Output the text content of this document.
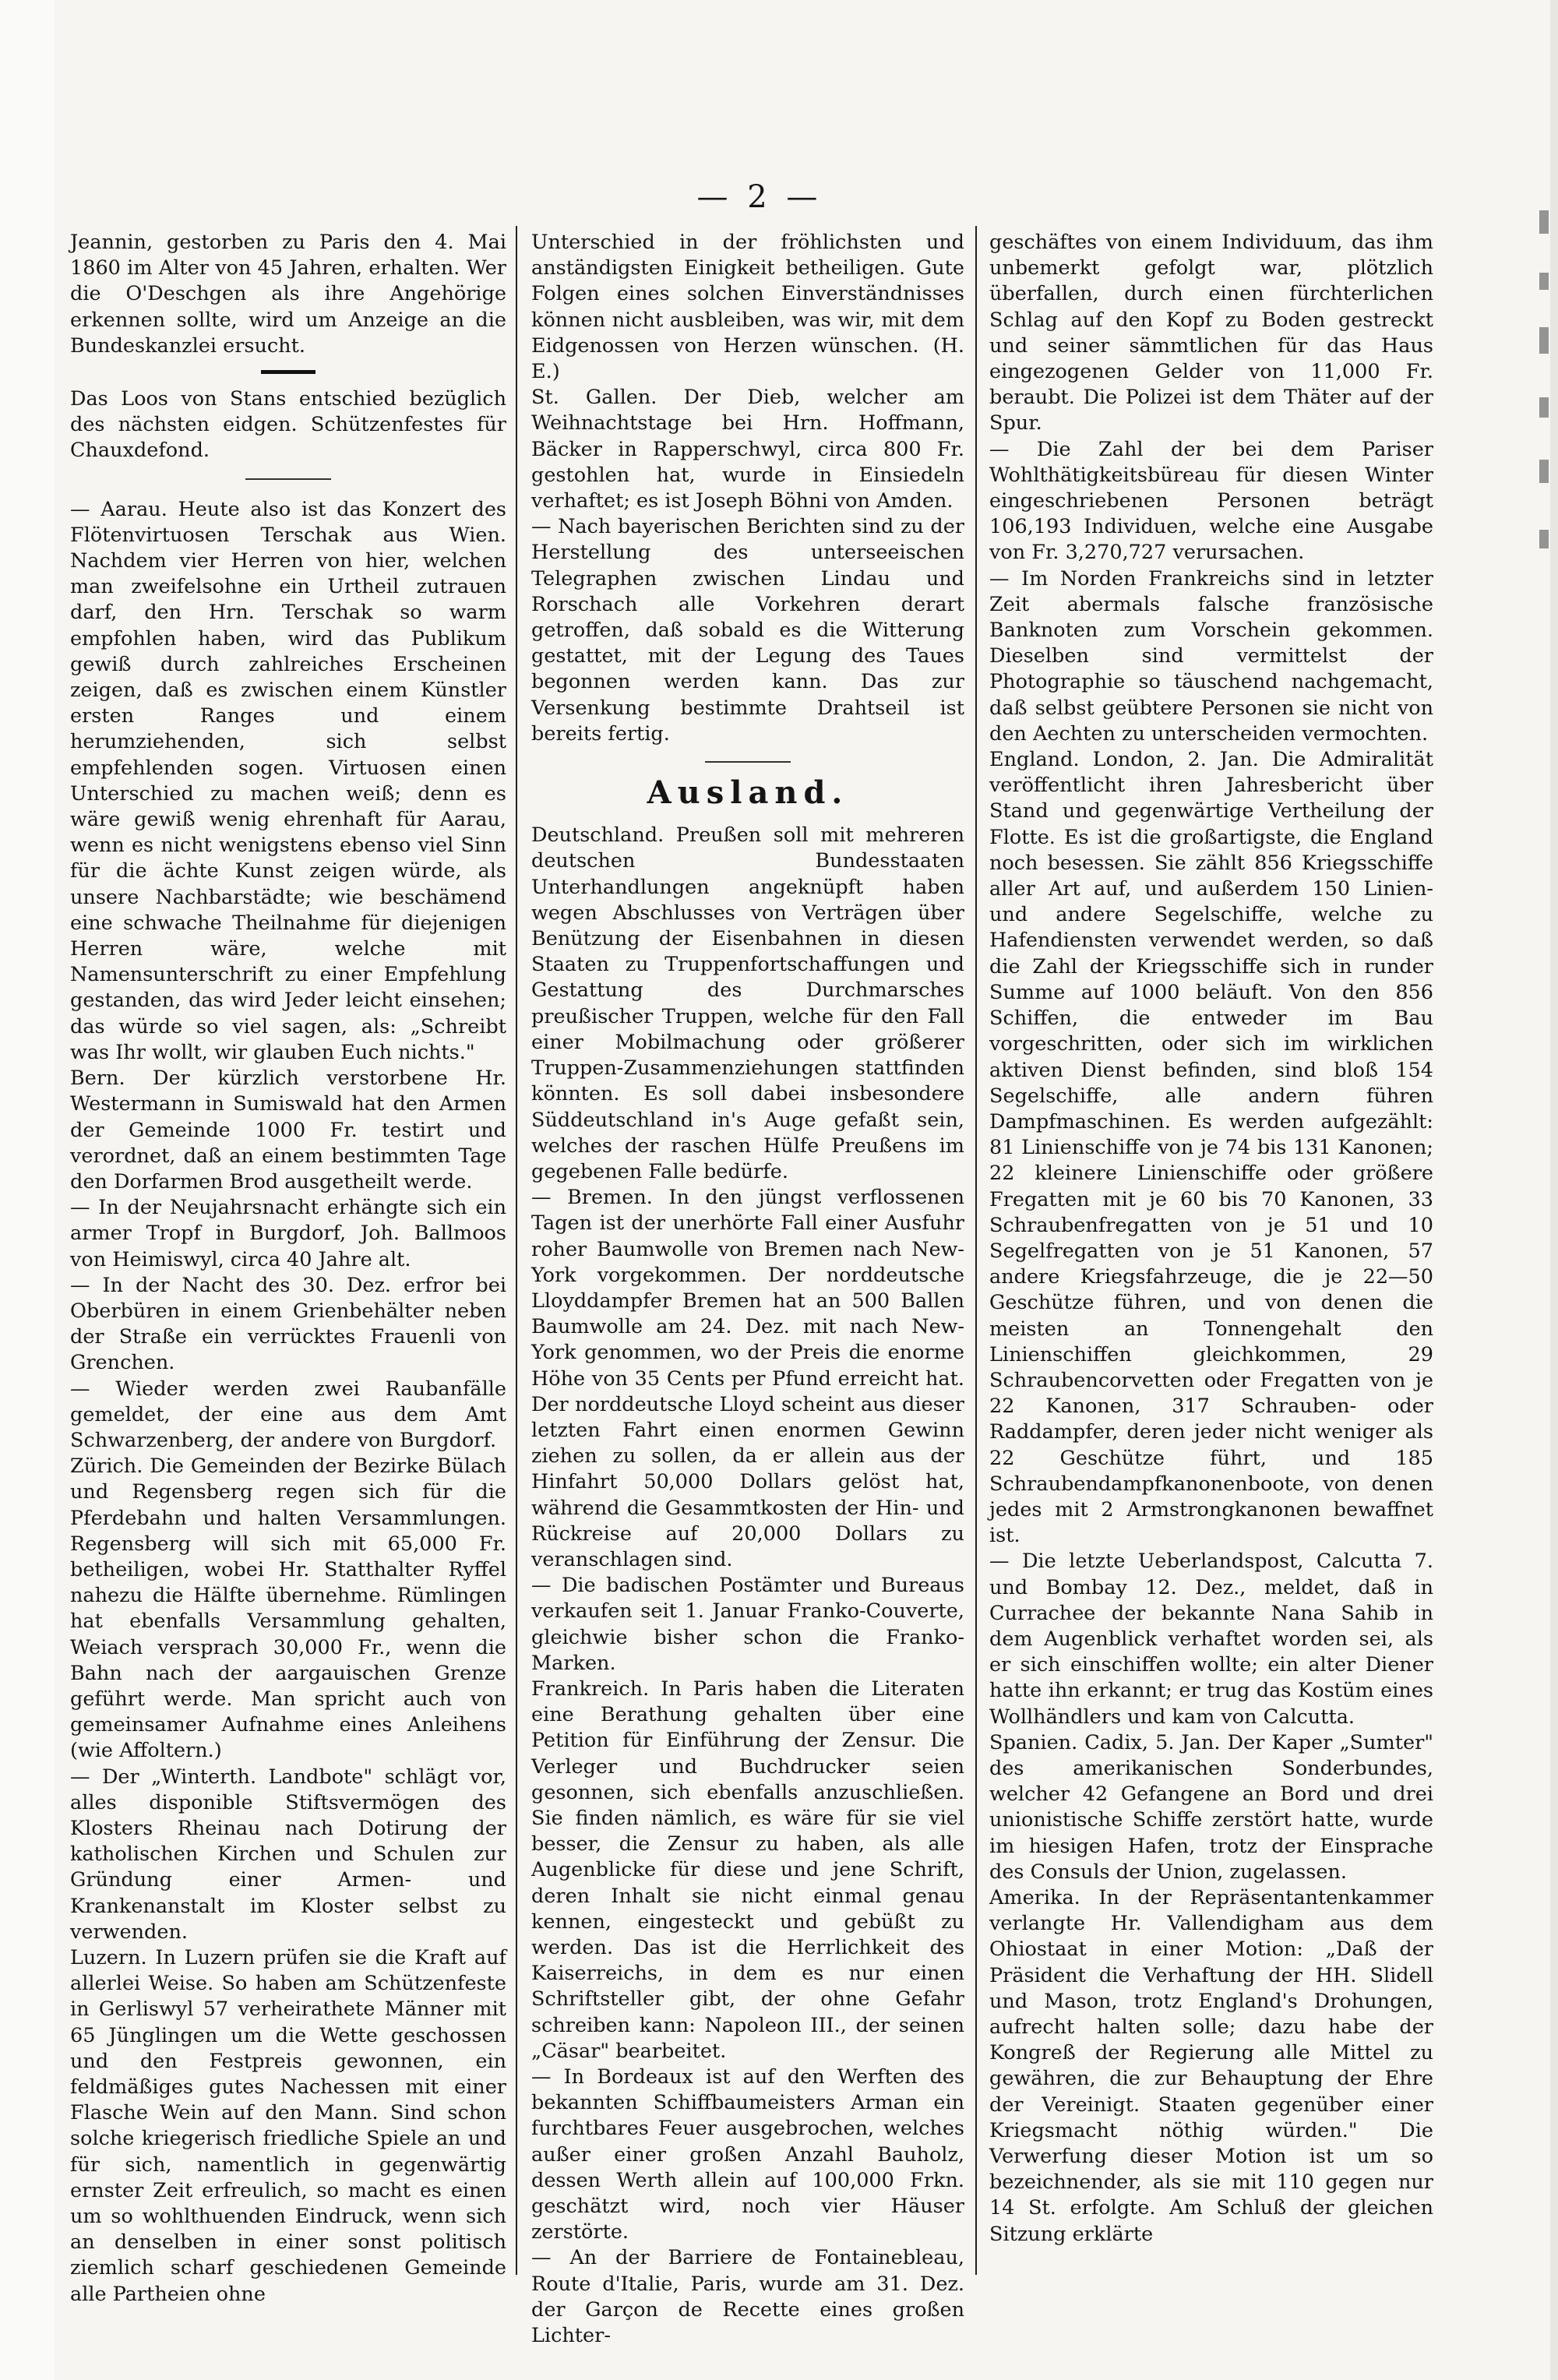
— 2 —

Jeannin, gestorben zu Paris den 4. Mai 1860 im Alter von 45 Jahren, erhalten. Wer die O'Deschgen als ihre Angehörige erkennen sollte, wird um Anzeige an die Bundeskanzlei ersucht.

Das Loos von Stans entschied bezüglich des nächsten eidgen. Schützenfestes für Chauxdefond.

— Aarau. Heute also ist das Konzert des Flötenvirtuosen Terschak aus Wien. Nachdem vier Herren von hier, welchen man zweifelsohne ein Urtheil zutrauen darf, den Hrn. Terschak so warm empfohlen haben, wird das Publikum gewiß durch zahlreiches Erscheinen zeigen, daß es zwischen einem Künstler ersten Ranges und einem herumziehenden, sich selbst empfehlenden sogen. Virtuosen einen Unterschied zu machen weiß; denn es wäre gewiß wenig ehrenhaft für Aarau, wenn es nicht wenigstens ebenso viel Sinn für die ächte Kunst zeigen würde, als unsere Nachbarstädte; wie beschämend eine schwache Theilnahme für diejenigen Herren wäre, welche mit Namensunterschrift zu einer Empfehlung gestanden, das wird Jeder leicht einsehen; das würde so viel sagen, als: „Schreibt was Ihr wollt, wir glauben Euch nichts."

Bern. Der kürzlich verstorbene Hr. Westermann in Sumiswald hat den Armen der Gemeinde 1000 Fr. testirt und verordnet, daß an einem bestimmten Tage den Dorfarmen Brod ausgetheilt werde.

— In der Neujahrsnacht erhängte sich ein armer Tropf in Burgdorf, Joh. Ballmoos von Heimiswyl, circa 40 Jahre alt.

— In der Nacht des 30. Dez. erfror bei Oberbüren in einem Grienbehälter neben der Straße ein verrücktes Frauenli von Grenchen.

— Wieder werden zwei Raubanfälle gemeldet, der eine aus dem Amt Schwarzenberg, der andere von Burgdorf.

Zürich. Die Gemeinden der Bezirke Bülach und Regensberg regen sich für die Pferdebahn und halten Versammlungen. Regensberg will sich mit 65,000 Fr. betheiligen, wobei Hr. Statthalter Ryffel nahezu die Hälfte übernehme. Rümlingen hat ebenfalls Versammlung gehalten, Weiach versprach 30,000 Fr., wenn die Bahn nach der aargauischen Grenze geführt werde. Man spricht auch von gemeinsamer Aufnahme eines Anleihens (wie Affoltern.)

— Der „Winterth. Landbote" schlägt vor, alles disponible Stiftsvermögen des Klosters Rheinau nach Dotirung der katholischen Kirchen und Schulen zur Gründung einer Armen- und Krankenanstalt im Kloster selbst zu verwenden.

Luzern. In Luzern prüfen sie die Kraft auf allerlei Weise. So haben am Schützenfeste in Gerliswyl 57 verheirathete Männer mit 65 Jünglingen um die Wette geschossen und den Festpreis gewonnen, ein feldmäßiges gutes Nachessen mit einer Flasche Wein auf den Mann. Sind schon solche kriegerisch friedliche Spiele an und für sich, namentlich in gegenwärtig ernster Zeit erfreulich, so macht es einen um so wohlthuenden Eindruck, wenn sich an denselben in einer sonst politisch ziemlich scharf geschiedenen Gemeinde alle Partheien ohne

Unterschied in der fröhlichsten und anständigsten Einigkeit betheiligen. Gute Folgen eines solchen Einverständnisses können nicht ausbleiben, was wir, mit dem Eidgenossen von Herzen wünschen. (H. E.)

St. Gallen. Der Dieb, welcher am Weihnachtstage bei Hrn. Hoffmann, Bäcker in Rapperschwyl, circa 800 Fr. gestohlen hat, wurde in Einsiedeln verhaftet; es ist Joseph Böhni von Amden.

— Nach bayerischen Berichten sind zu der Herstellung des unterseeischen Telegraphen zwischen Lindau und Rorschach alle Vorkehren derart getroffen, daß sobald es die Witterung gestattet, mit der Legung des Taues begonnen werden kann. Das zur Versenkung bestimmte Drahtseil ist bereits fertig.

Ausland.

Deutschland. Preußen soll mit mehreren deutschen Bundesstaaten Unterhandlungen angeknüpft haben wegen Abschlusses von Verträgen über Benützung der Eisenbahnen in diesen Staaten zu Truppenfortschaffungen und Gestattung des Durchmarsches preußischer Truppen, welche für den Fall einer Mobilmachung oder größerer Truppen-Zusammenziehungen stattfinden könnten. Es soll dabei insbesondere Süddeutschland in's Auge gefaßt sein, welches der raschen Hülfe Preußens im gegebenen Falle bedürfe.

— Bremen. In den jüngst verflossenen Tagen ist der unerhörte Fall einer Ausfuhr roher Baumwolle von Bremen nach New-York vorgekommen. Der norddeutsche Lloyddampfer Bremen hat an 500 Ballen Baumwolle am 24. Dez. mit nach New-York genommen, wo der Preis die enorme Höhe von 35 Cents per Pfund erreicht hat. Der norddeutsche Lloyd scheint aus dieser letzten Fahrt einen enormen Gewinn ziehen zu sollen, da er allein aus der Hinfahrt 50,000 Dollars gelöst hat, während die Gesammtkosten der Hin- und Rückreise auf 20,000 Dollars zu veranschlagen sind.

— Die badischen Postämter und Bureaus verkaufen seit 1. Januar Franko-Couverte, gleichwie bisher schon die Franko-Marken.

Frankreich. In Paris haben die Literaten eine Berathung gehalten über eine Petition für Einführung der Zensur. Die Verleger und Buchdrucker seien gesonnen, sich ebenfalls anzuschließen. Sie finden nämlich, es wäre für sie viel besser, die Zensur zu haben, als alle Augenblicke für diese und jene Schrift, deren Inhalt sie nicht einmal genau kennen, eingesteckt und gebüßt zu werden. Das ist die Herrlichkeit des Kaiserreichs, in dem es nur einen Schriftsteller gibt, der ohne Gefahr schreiben kann: Napoleon III., der seinen „Cäsar" bearbeitet.

— In Bordeaux ist auf den Werften des bekannten Schiffbaumeisters Arman ein furchtbares Feuer ausgebrochen, welches außer einer großen Anzahl Bauholz, dessen Werth allein auf 100,000 Frkn. geschätzt wird, noch vier Häuser zerstörte.

— An der Barriere de Fontainebleau, Route d'Italie, Paris, wurde am 31. Dez. der Garçon de Recette eines großen Lichter-

geschäftes von einem Individuum, das ihm unbemerkt gefolgt war, plötzlich überfallen, durch einen fürchterlichen Schlag auf den Kopf zu Boden gestreckt und seiner sämmtlichen für das Haus eingezogenen Gelder von 11,000 Fr. beraubt. Die Polizei ist dem Thäter auf der Spur.

— Die Zahl der bei dem Pariser Wohlthätigkeitsbüreau für diesen Winter eingeschriebenen Personen beträgt 106,193 Individuen, welche eine Ausgabe von Fr. 3,270,727 verursachen.

— Im Norden Frankreichs sind in letzter Zeit abermals falsche französische Banknoten zum Vorschein gekommen. Dieselben sind vermittelst der Photographie so täuschend nachgemacht, daß selbst geübtere Personen sie nicht von den Aechten zu unterscheiden vermochten.

England. London, 2. Jan. Die Admiralität veröffentlicht ihren Jahresbericht über Stand und gegenwärtige Vertheilung der Flotte. Es ist die großartigste, die England noch besessen. Sie zählt 856 Kriegsschiffe aller Art auf, und außerdem 150 Linien- und andere Segelschiffe, welche zu Hafendiensten verwendet werden, so daß die Zahl der Kriegsschiffe sich in runder Summe auf 1000 beläuft. Von den 856 Schiffen, die entweder im Bau vorgeschritten, oder sich im wirklichen aktiven Dienst befinden, sind bloß 154 Segelschiffe, alle andern führen Dampfmaschinen. Es werden aufgezählt: 81 Linienschiffe von je 74 bis 131 Kanonen; 22 kleinere Linienschiffe oder größere Fregatten mit je 60 bis 70 Kanonen, 33 Schraubenfregatten von je 51 und 10 Segelfregatten von je 51 Kanonen, 57 andere Kriegsfahrzeuge, die je 22—50 Geschütze führen, und von denen die meisten an Tonnengehalt den Linienschiffen gleichkommen, 29 Schraubencorvetten oder Fregatten von je 22 Kanonen, 317 Schrauben- oder Raddampfer, deren jeder nicht weniger als 22 Geschütze führt, und 185 Schraubendampfkanonenboote, von denen jedes mit 2 Armstrongkanonen bewaffnet ist.

— Die letzte Ueberlandspost, Calcutta 7. und Bombay 12. Dez., meldet, daß in Currachee der bekannte Nana Sahib in dem Augenblick verhaftet worden sei, als er sich einschiffen wollte; ein alter Diener hatte ihn erkannt; er trug das Kostüm eines Wollhändlers und kam von Calcutta.

Spanien. Cadix, 5. Jan. Der Kaper „Sumter" des amerikanischen Sonderbundes, welcher 42 Gefangene an Bord und drei unionistische Schiffe zerstört hatte, wurde im hiesigen Hafen, trotz der Einsprache des Consuls der Union, zugelassen.

Amerika. In der Repräsentantenkammer verlangte Hr. Vallendigham aus dem Ohiostaat in einer Motion: „Daß der Präsident die Verhaftung der HH. Slidell und Mason, trotz England's Drohungen, aufrecht halten solle; dazu habe der Kongreß der Regierung alle Mittel zu gewähren, die zur Behauptung der Ehre der Vereinigt. Staaten gegenüber einer Kriegsmacht nöthig würden." Die Verwerfung dieser Motion ist um so bezeichnender, als sie mit 110 gegen nur 14 St. erfolgte. Am Schluß der gleichen Sitzung erklärte
